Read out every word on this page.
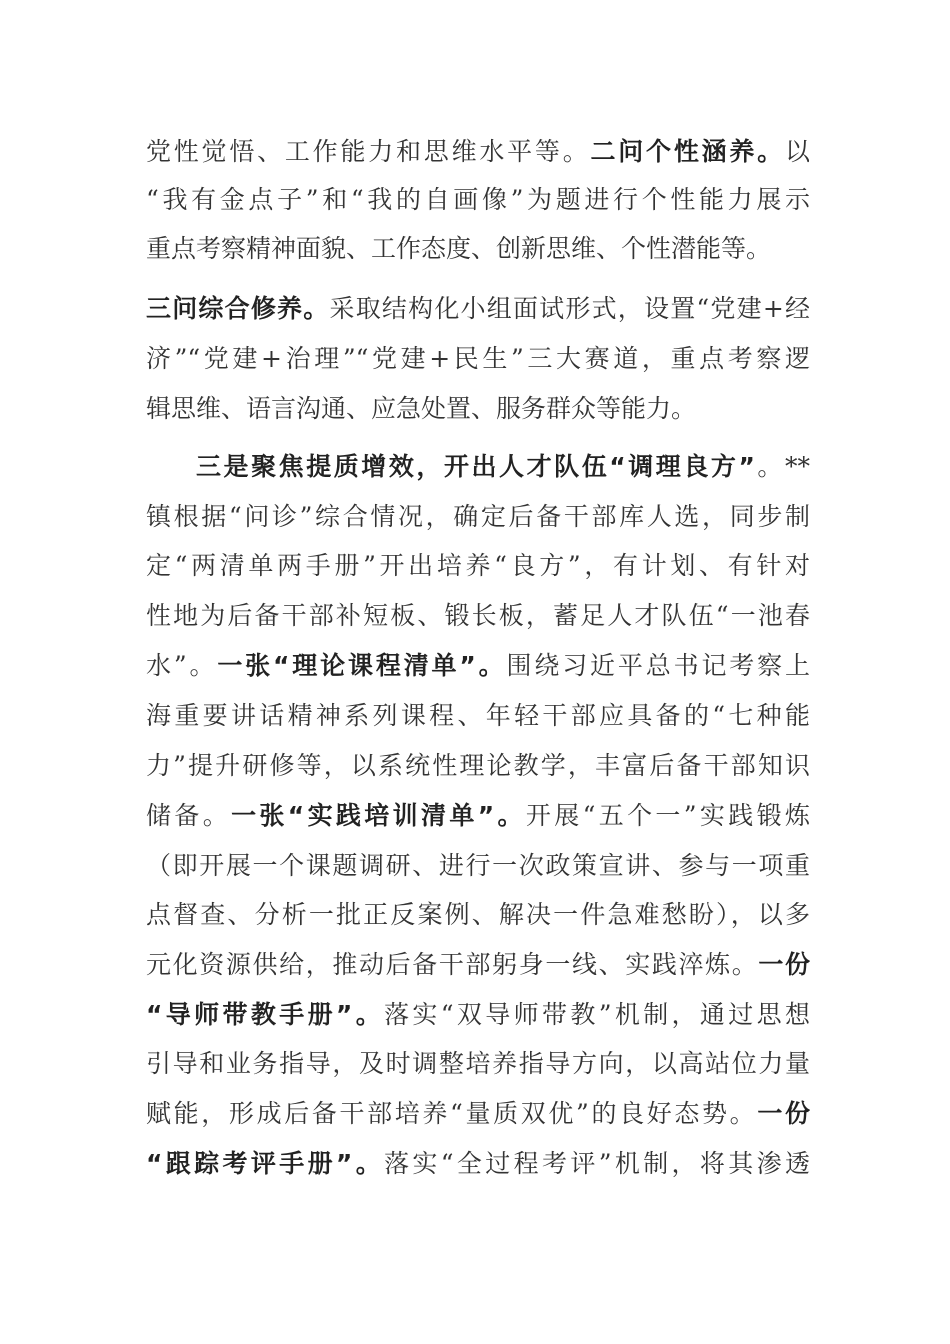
党性觉悟、工作能力和思维水平等。二问个性涵养。以
“我有金点子”和“我的自画像”为题进行个性能力展示
重点考察精神面貌、工作态度、创新思维、个性潜能等。
三问综合修养。采取结构化小组面试形式，设置“党建+经
济”“党建+治理”“党建+民生”三大赛道，重点考察逻
辑思维、语言沟通、应急处置、服务群众等能力。
三是聚焦提质增效，开出人才队伍“调理良方”。**
镇根据“问诊”综合情况，确定后备干部库人选，同步制
定“两清单两手册”开出培养“良方”，有计划、有针对
性地为后备干部补短板、锻长板，蓄足人才队伍“一池春
水”。一张“理论课程清单”。围绕习近平总书记考察上
海重要讲话精神系列课程、年轻干部应具备的“七种能
力”提升研修等，以系统性理论教学，丰富后备干部知识
储备。一张“实践培训清单”。开展“五个一”实践锻炼
（即开展一个课题调研、进行一次政策宣讲、参与一项重
点督查、分析一批正反案例、解决一件急难愁盼），以多
元化资源供给，推动后备干部躬身一线、实践淬炼。一份
“导师带教手册”。落实“双导师带教”机制，通过思想
引导和业务指导，及时调整培养指导方向，以高站位力量
赋能，形成后备干部培养“量质双优”的良好态势。一份
“跟踪考评手册”。落实“全过程考评”机制，将其渗透
